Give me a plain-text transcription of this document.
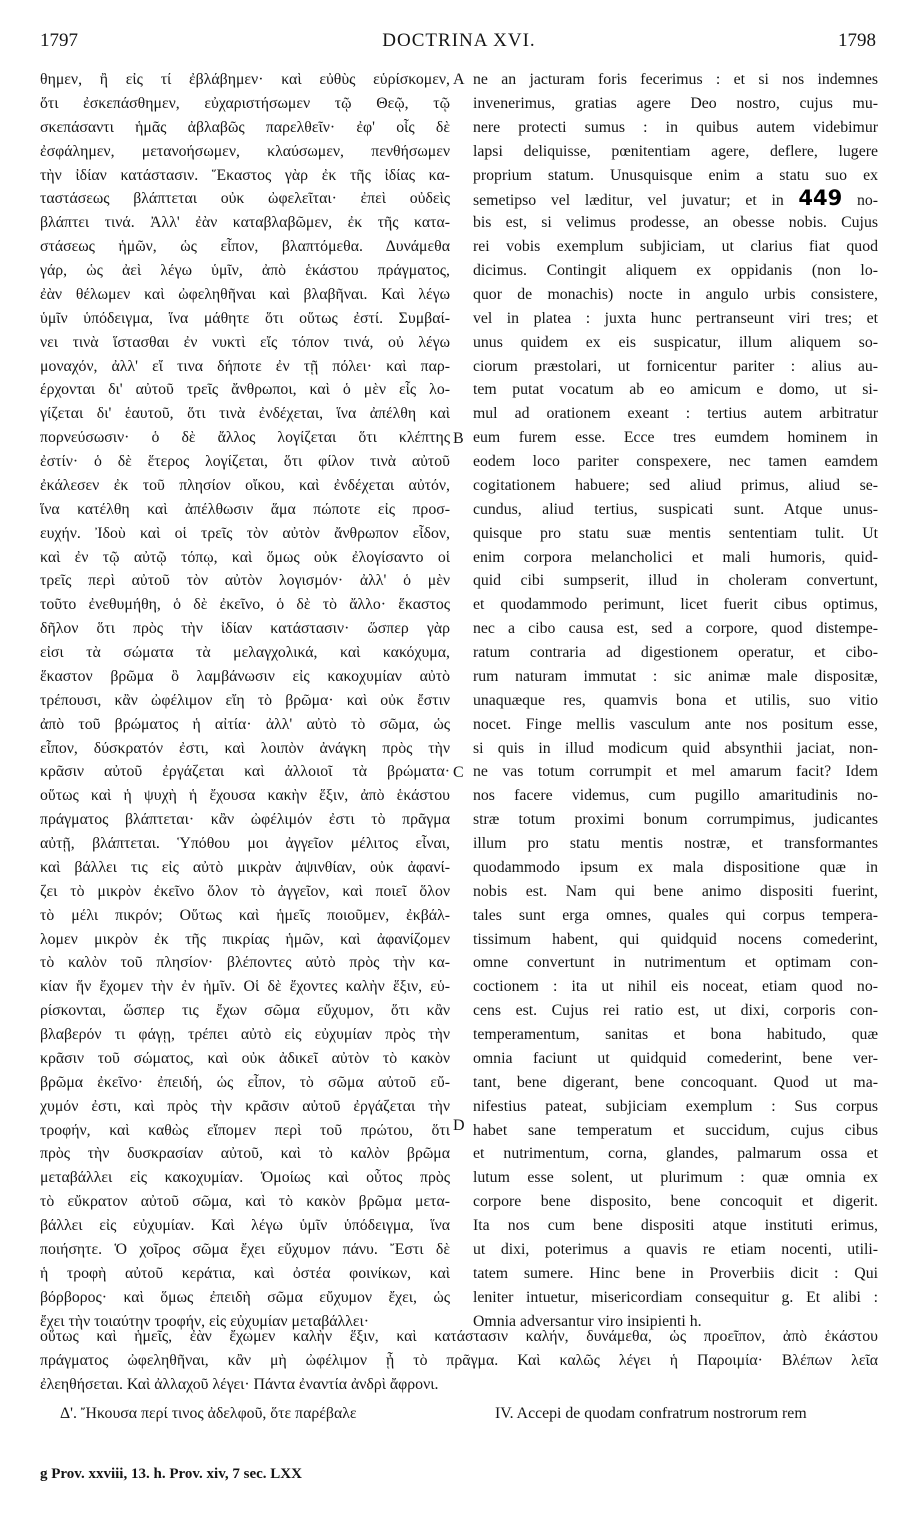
1797	DOCTRINA XVI.	1798
θημεν, ἢ εἰς τί ἐβλάβημεν· καὶ εὐθὺς εὑρίσκομεν,
ὅτι ἐσκεπάσθημεν, εὐχαριστήσωμεν τῷ Θεῷ, τῷ
σκεπάσαντι ἡμᾶς ἀβλαβῶς παρελθεῖν· ἐφ' οἷς δὲ
ἐσφάλημεν, μετανοήσωμεν, κλαύσωμεν, πενθήσωμεν
τὴν ἰδίαν κατάστασιν. Ἕκαστος γὰρ ἐκ τῆς ἰδίας κα-
ταστάσεως βλάπτεται οὐκ ὠφελεῖται· ἐπεὶ οὐδεὶς
βλάπτει τινά. Ἀλλ' ἐὰν καταβλαβῶμεν, ἐκ τῆς κατα-
στάσεως ἡμῶν, ὡς εἶπον, βλαπτόμεθα. Δυνάμεθα
γάρ, ὡς ἀεὶ λέγω ὑμῖν, ἀπὸ ἑκάστου πράγματος,
ἐὰν θέλωμεν καὶ ὠφεληθῆναι καὶ βλαβῆναι. Καὶ λέγω
ὑμῖν ὑπόδειγμα, ἵνα μάθητε ὅτι οὕτως ἐστί. Συμβαί-
νει τινὰ ἵστασθαι ἐν νυκτὶ εἴς τόπον τινά, οὐ λέγω
μοναχόν, ἀλλ' εἴ τινα δήποτε ἐν τῇ πόλει· καὶ παρ-
έρχονται δι' αὐτοῦ τρεῖς ἄνθρωποι, καὶ ὁ μὲν εἷς λο-
γίζεται δι' ἑαυτοῦ, ὅτι τινὰ ἐνδέχεται, ἵνα ἀπέλθη καὶ
πορνεύσωσιν· ὁ δὲ ἄλλος λογίζεται ὅτι κλέπτης
ἐστίν· ὁ δὲ ἕτερος λογίζεται, ὅτι φίλον τινὰ αὐτοῦ
ἐκάλεσεν ἐκ τοῦ πλησίον οἴκου, καὶ ἐνδέχεται αὐτόν,
ἵνα κατέλθη καὶ ἀπέλθωσιν ἅμα πώποτε εἰς προσ-
ευχήν. Ἰδοὺ καὶ οἱ τρεῖς τὸν αὐτὸν ἄνθρωπον εἶδον,
καὶ ἐν τῷ αὐτῷ τόπῳ, καὶ ὅμως οὐκ ἐλογίσαντο οἱ
τρεῖς περὶ αὐτοῦ τὸν αὐτὸν λογισμόν· ἀλλ' ὁ μὲν
τοῦτο ἐνεθυμήθη, ὁ δὲ ἐκεῖνο, ὁ δὲ τὸ ἄλλο· ἕκαστος
δῆλον ὅτι πρὸς τὴν ἰδίαν κατάστασιν· ὥσπερ γὰρ
εἰσι τὰ σώματα τὰ μελαγχολικά, καὶ κακόχυμα,
ἕκαστον βρῶμα ὃ λαμβάνωσιν εἰς κακοχυμίαν αὐτὸ
τρέπουσι, κἂν ὠφέλιμον εἴη τὸ βρῶμα· καὶ οὐκ ἔστιν
ἀπὸ τοῦ βρώματος ἡ αἰτία· ἀλλ' αὐτὸ τὸ σῶμα, ὡς
εἶπον, δύσκρατόν ἐστι, καὶ λοιπὸν ἀνάγκη πρὸς τὴν
κρᾶσιν αὐτοῦ ἐργάζεται καὶ ἀλλοιοῖ τὰ βρώματα·
οὕτως καὶ ἡ ψυχὴ ἡ ἔχουσα κακὴν ἕξιν, ἀπὸ ἑκάστου
πράγματος βλάπτεται· κἂν ὠφέλιμόν ἐστι τὸ πρᾶγμα
αὐτῇ, βλάπτεται. Ὑπόθου μοι ἀγγεῖον μέλιτος εἶναι,
καὶ βάλλει τις εἰς αὐτὸ μικρὰν ἀψινθίαν, οὐκ ἀφανί-
ζει τὸ μικρὸν ἐκεῖνο ὅλον τὸ ἀγγεῖον, καὶ ποιεῖ ὅλον
τὸ μέλι πικρόν; Οὕτως καὶ ἡμεῖς ποιοῦμεν, ἐκβάλ-
λομεν μικρὸν ἐκ τῆς πικρίας ἡμῶν, καὶ ἀφανίζομεν
τὸ καλὸν τοῦ πλησίον· βλέποντες αὐτὸ πρὸς τὴν κα-
κίαν ἥν ἔχομεν τὴν ἐν ἡμῖν. Οἱ δὲ ἔχοντες καλὴν ἕξιν, εὑ-
ρίσκονται, ὥσπερ τις ἔχων σῶμα εὔχυμον, ὅτι κἂν
βλαβερόν τι φάγῃ, τρέπει αὐτὸ εἰς εὐχυμίαν πρὸς τὴν
κρᾶσιν τοῦ σώματος, καὶ οὐκ ἀδικεῖ αὐτὸν τὸ κακὸν
βρῶμα ἐκεῖνο· ἐπειδή, ὡς εἶπον, τὸ σῶμα αὐτοῦ εὔ-
χυμόν ἐστι, καὶ πρὸς τὴν κρᾶσιν αὐτοῦ ἐργάζεται τὴν
τροφήν, καὶ καθὼς εἴπομεν περὶ τοῦ πρώτου, ὅτι
πρὸς τὴν δυσκρασίαν αὐτοῦ, καὶ τὸ καλὸν βρῶμα
μεταβάλλει εἰς κακοχυμίαν. Ὁμοίως καὶ οὗτος πρὸς
τὸ εὔκρατον αὐτοῦ σῶμα, καὶ τὸ κακὸν βρῶμα μετα-
βάλλει εἰς εὐχυμίαν. Καὶ λέγω ὑμῖν ὑπόδειγμα, ἵνα
ποιήσητε. Ὁ χοῖρος σῶμα ἔχει εὔχυμον πάνυ. Ἔστι δὲ
ἡ τροφὴ αὐτοῦ κεράτια, καὶ ὀστέα φοινίκων, καὶ
βόρβορος· καὶ ὅμως ἐπειδὴ σῶμα εὔχυμον ἔχει, ὡς
ἔχει τὴν τοιαύτην τροφήν, εἰς εὐχυμίαν μεταβάλλει·
ne an jacturam foris fecerimus : et si nos indemnes
invenerimus, gratias agere Deo nostro, cujus mu-
nere protecti sumus : in quibus autem videbimur
lapsi deliquisse, pœnitentiam agere, deflere, lugere
proprium statum. Unusquisque enim a statu suo ex
semetipso vel læditur, vel juvatur; et in 449 no-
bis est, si velimus prodesse, an obesse nobis. Cujus
rei vobis exemplum subjiciam, ut clarius fiat quod
dicimus. Contingit aliquem ex oppidanis (non lo-
quor de monachis) nocte in angulo urbis consistere,
vel in platea : juxta hunc pertranseunt viri tres; et
unus quidem ex eis suspicatur, illum aliquem so-
ciorum præstolari, ut fornicentur pariter : alius au-
tem putat vocatum ab eo amicum e domo, ut si-
mul ad orationem exeant : tertius autem arbitratur
eum furem esse. Ecce tres eumdem hominem in
eodem loco pariter conspexere, nec tamen eamdem
cogitationem habuere; sed aliud primus, aliud se-
cundus, aliud tertius, suspicati sunt. Atque unus-
quisque pro statu suæ mentis sententiam tulit. Ut
enim corpora melancholici et mali humoris, quid-
quid cibi sumpserit, illud in choleram convertunt,
et quodammodo perimunt, licet fuerit cibus optimus,
nec a cibo causa est, sed a corpore, quod distempe-
ratum contraria ad digestionem operatur, et cibo-
rum naturam immutat : sic animæ male dispositæ,
unaquæque res, quamvis bona et utilis, suo vitio
nocet. Finge mellis vasculum ante nos positum esse,
si quis in illud modicum quid absynthii jaciat, non-
ne vas totum corrumpit et mel amarum facit? Idem
nos facere videmus, cum pugillo amaritudinis no-
stræ totum proximi bonum corrumpimus, judicantes
illum pro statu mentis nostræ, et transformantes
quodammodo ipsum ex mala dispositione quæ in
nobis est. Nam qui bene animo dispositi fuerint,
tales sunt erga omnes, quales qui corpus tempera-
tissimum habent, qui quidquid nocens comederint,
omne convertunt in nutrimentum et optimam con-
coctionem : ita ut nihil eis noceat, etiam quod no-
cens est. Cujus rei ratio est, ut dixi, corporis con-
temperamentum, sanitas et bona habitudo, quæ
omnia faciunt ut quidquid comederint, bene ver-
tant, bene digerant, bene concoquant. Quod ut ma-
nifestius pateat, subjiciam exemplum : Sus corpus
habet sane temperatum et succidum, cujus cibus
et nutrimentum, corna, glandes, palmarum ossa et
lutum esse solent, ut plurimum : quæ omnia ex
corpore bene disposito, bene concoquit et digerit.
Ita nos cum bene dispositi atque instituti erimus,
ut dixi, poterimus a quavis re etiam nocenti, utili-
tatem sumere. Hinc bene in Proverbiis dicit : Qui
leniter intuetur, misericordiam consequitur g. Et alibi :
Omnia adversantur viro insipienti h.
A
B
C
D
οὕτως καὶ ἡμεῖς, ἐὰν ἔχωμεν καλὴν ἕξιν, καὶ κατάστασιν καλήν, δυνάμεθα, ὡς προεῖπον, ἀπὸ ἑκάστου
πράγματος ὠφεληθῆναι, κἂν μὴ ὠφέλιμον ᾖ τὸ πρᾶγμα. Καὶ καλῶς λέγει ἡ Παροιμία· Βλέπων λεῖα
ἐλεηθήσεται. Καὶ ἀλλαχοῦ λέγει· Πάντα ἐναντία ἀνδρὶ ἄφρονι.
Δ'. Ἤκουσα περί τινος ἀδελφοῦ, ὅτε παρέβαλε	IV. Accepi de quodam confratrum nostrorum rem
g Prov. xxviii, 13. h. Prov. xiv, 7 sec. LXX
